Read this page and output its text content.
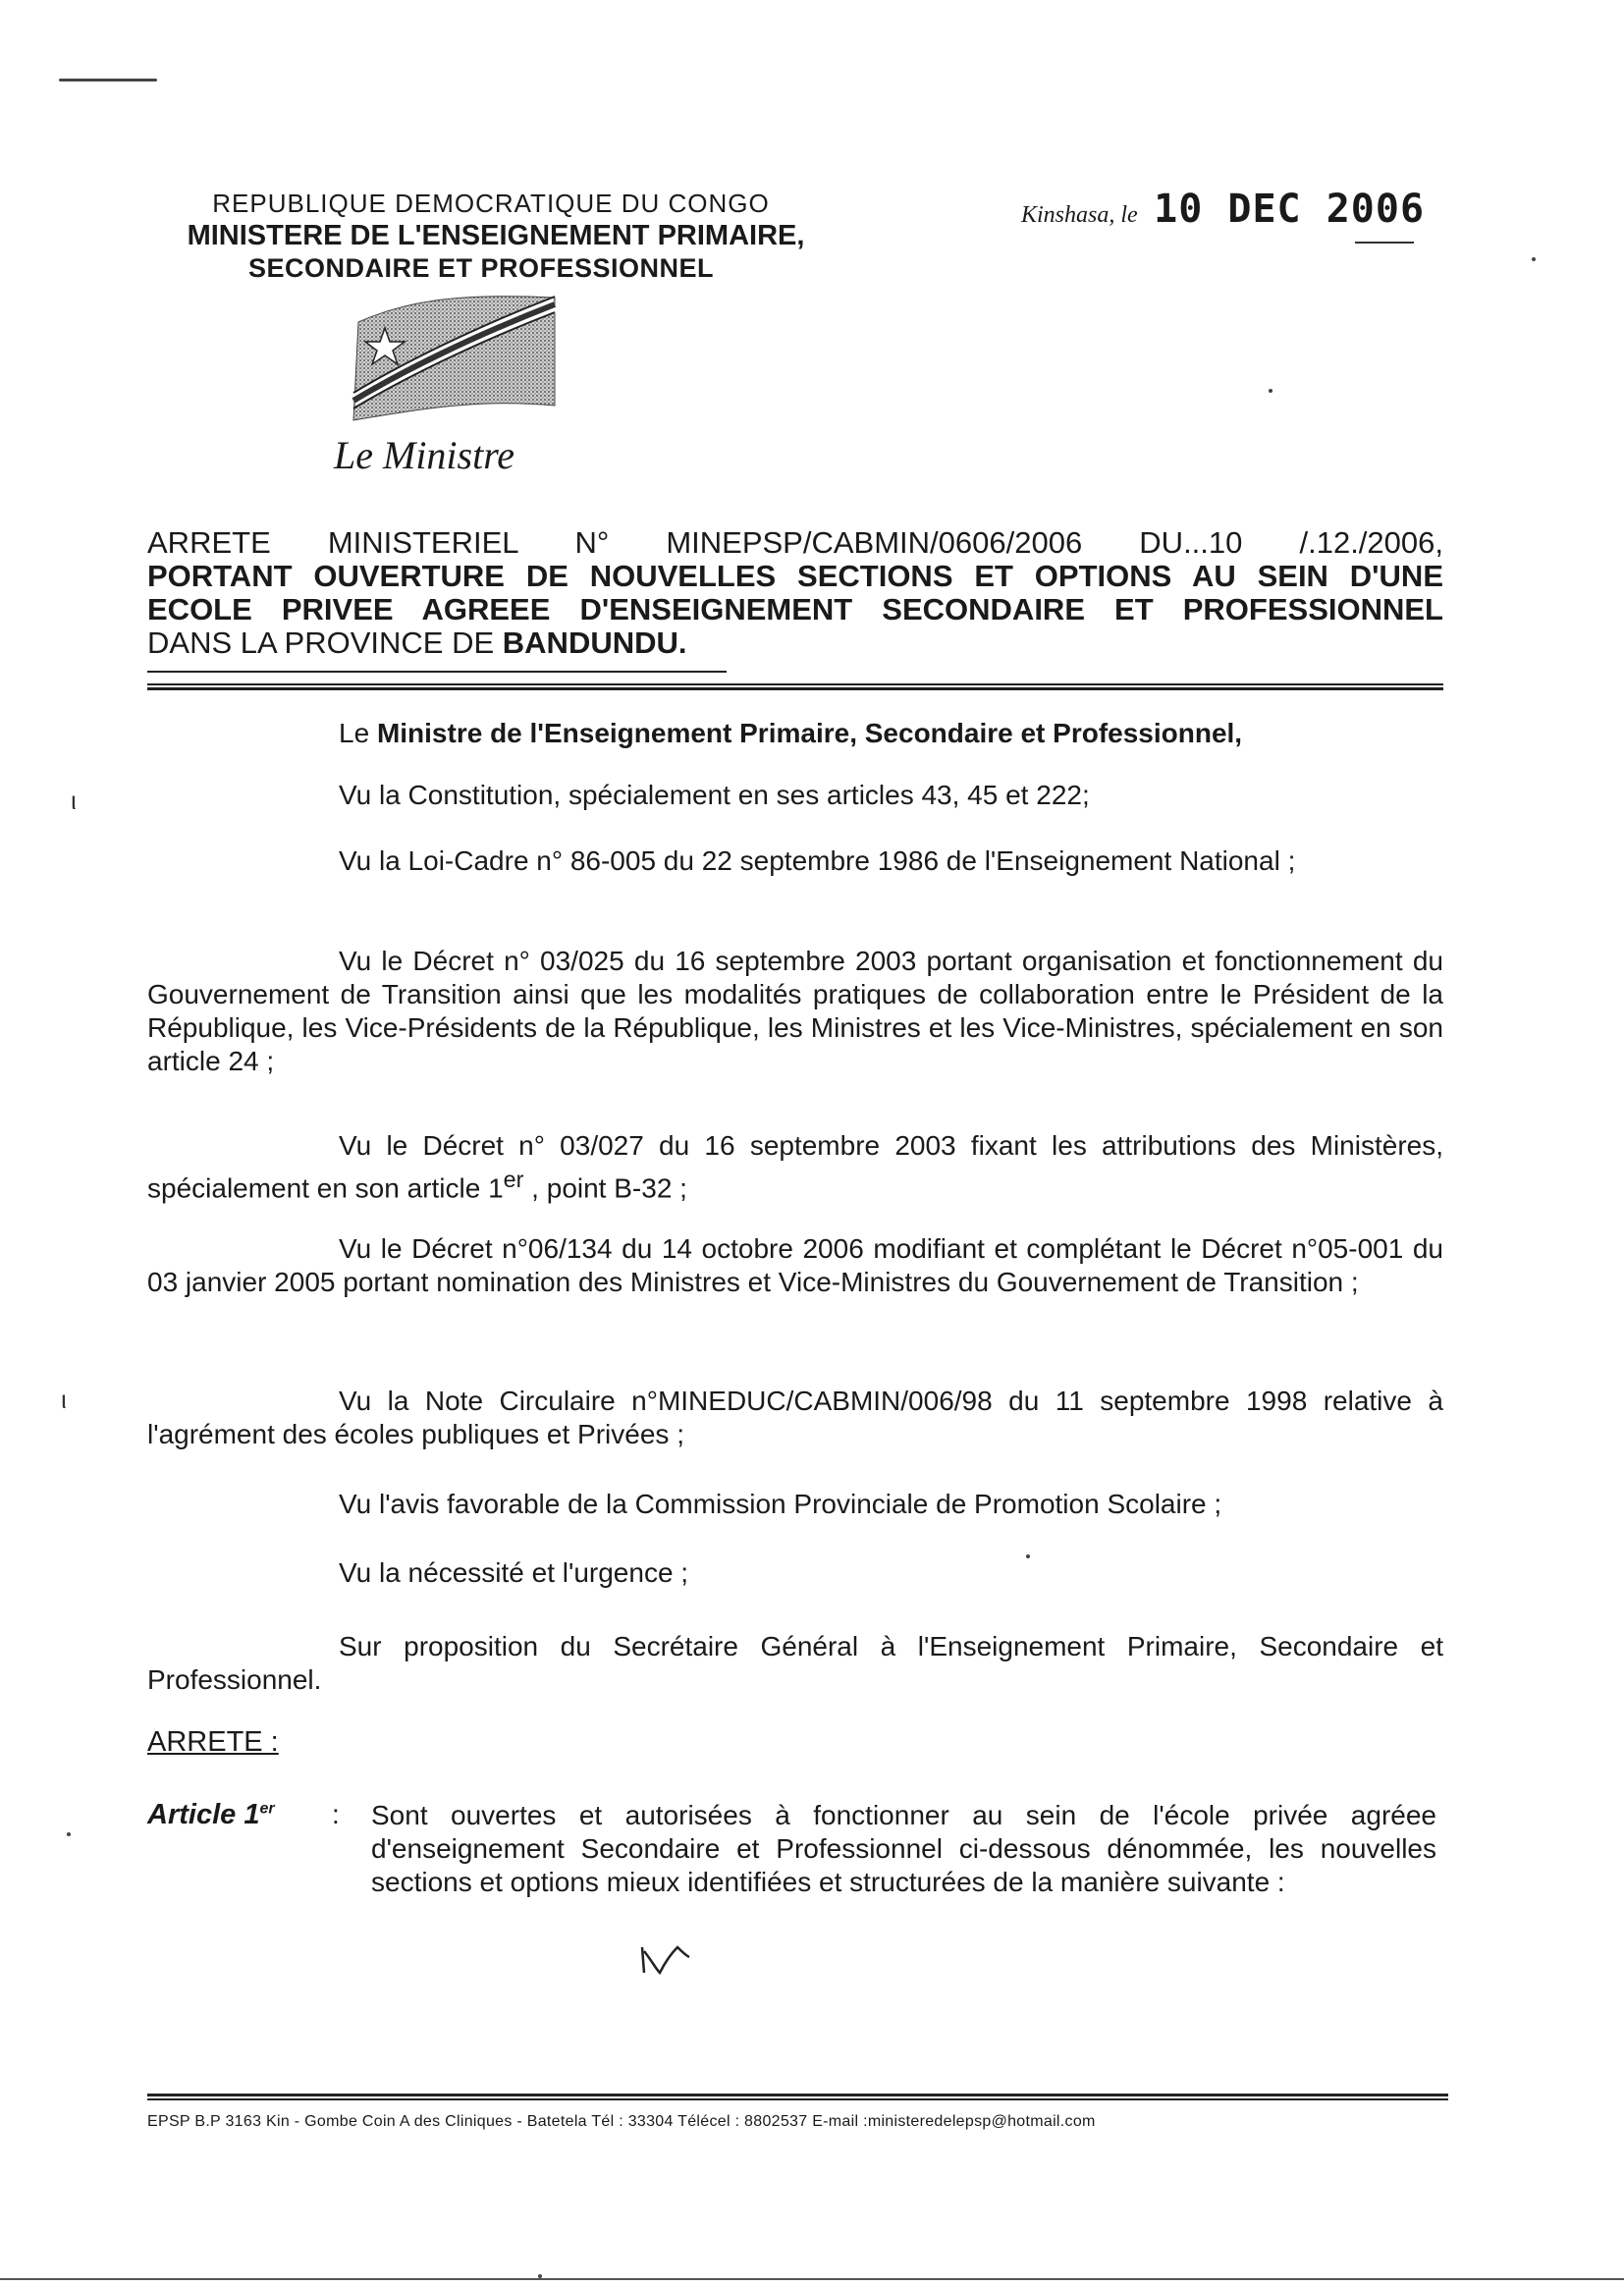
REPUBLIQUE DEMOCRATIQUE DU CONGO
MINISTERE DE L'ENSEIGNEMENT PRIMAIRE,
SECONDAIRE ET PROFESSIONNEL
Kinshasa, le 10 DEC 2006
Le Ministre
ARRETE MINISTERIEL N° MINEPSP/CABMIN/0606/2006 DU...10 /.12./2006,
PORTANT OUVERTURE DE NOUVELLES SECTIONS ET OPTIONS AU SEIN D'UNE
ECOLE PRIVEE AGREEE D'ENSEIGNEMENT SECONDAIRE ET PROFESSIONNEL
DANS LA PROVINCE DE BANDUNDU.
Le Ministre de l'Enseignement Primaire, Secondaire et Professionnel,
Vu la Constitution, spécialement en ses articles 43, 45 et 222;
Vu la Loi-Cadre n° 86-005 du 22 septembre 1986 de l'Enseignement National ;
Vu le Décret n° 03/025 du 16 septembre 2003 portant organisation et fonctionnement du Gouvernement de Transition ainsi que les modalités pratiques de collaboration entre le Président de la République, les Vice-Présidents de la République, les Ministres et les Vice-Ministres, spécialement en son article 24 ;
Vu le Décret n° 03/027 du 16 septembre 2003 fixant les attributions des Ministères, spécialement en son article 1er , point B-32 ;
Vu le Décret n°06/134 du 14 octobre 2006 modifiant et complétant le Décret n°05-001 du 03 janvier 2005 portant nomination des Ministres et Vice-Ministres du Gouvernement de Transition ;
Vu la Note Circulaire n°MINEDUC/CABMIN/006/98 du 11 septembre 1998 relative à l'agrément des écoles publiques et Privées ;
Vu l'avis favorable de la Commission Provinciale de Promotion Scolaire ;
Vu la nécessité et l'urgence ;
Sur proposition du Secrétaire Général à l'Enseignement Primaire, Secondaire et Professionnel.
ARRETE :
Article 1er : Sont ouvertes et autorisées à fonctionner au sein de l'école privée agréee d'enseignement Secondaire et Professionnel ci-dessous dénommée, les nouvelles sections et options mieux identifiées et structurées de la manière suivante :
EPSP B.P 3163 Kin - Gombe Coin A des Cliniques - Batetela Tél : 33304 Télécel : 8802537 E-mail :ministeredelepsp@hotmail.com
ι
ι
